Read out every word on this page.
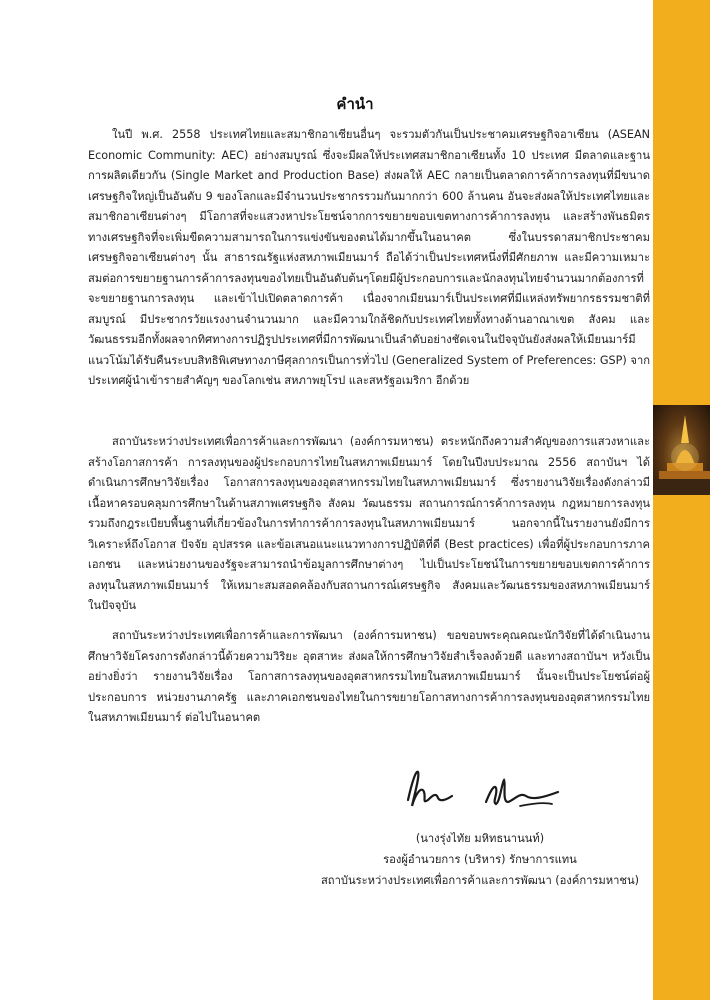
คำนำ

ในปี พ.ศ. 2558 ประเทศไทยและสมาชิกอาเซียนอื่นๆ จะรวมตัวกันเป็นประชาคมเศรษฐกิจอาเซียน (ASEAN Economic Community: AEC) อย่างสมบูรณ์ ซึ่งจะมีผลให้ประเทศสมาชิกอาเซียนทั้ง 10 ประเทศ มีตลาดและฐานการผลิตเดียวกัน (Single Market and Production Base) ส่งผลให้ AEC กลายเป็นตลาดการค้าการลงทุนที่มีขนาดเศรษฐกิจใหญ่เป็นอันดับ 9 ของโลกและมีจำนวนประชากรรวมกันมากกว่า 600 ล้านคน อันจะส่งผลให้ประเทศไทยและสมาชิกอาเซียนต่างๆ มีโอกาสที่จะแสวงหาประโยชน์จากการขยายขอบเขตทางการค้าการลงทุน และสร้างพันธมิตรทางเศรษฐกิจที่จะเพิ่มขีดความสามารถในการแข่งขันของตนได้มากขึ้นในอนาคต ซึ่งในบรรดาสมาชิกประชาคมเศรษฐกิจอาเซียนต่างๆ นั้น สาธารณรัฐแห่งสหภาพเมียนมาร์ ถือได้ว่าเป็นประเทศหนึ่งที่มีศักยภาพ และมีความเหมาะสมต่อการขยายฐานการค้าการลงทุนของไทยเป็นอันดับต้นๆโดยมีผู้ประกอบการและนักลงทุนไทยจำนวนมากต้องการที่จะขยายฐานการลงทุน และเข้าไปเปิดตลาดการค้า เนื่องจากเมียนมาร์เป็นประเทศที่มีแหล่งทรัพยากรธรรมชาติที่สมบูรณ์ มีประชากรวัยแรงงานจำนวนมาก และมีความใกล้ชิดกับประเทศไทยทั้งทางด้านอาณาเขต สังคม และวัฒนธรรมอีกทั้งผลจากทิศทางการปฏิรูปประเทศที่มีการพัฒนาเป็นลำดับอย่างชัดเจนในปัจจุบันยังส่งผลให้เมียนมาร์มีแนวโน้มได้รับคืนระบบสิทธิพิเศษทางภาษีศุลกากรเป็นการทั่วไป (Generalized System of Preferences: GSP) จากประเทศผู้นำเข้ารายสำคัญๆ ของโลกเช่น สหภาพยุโรป และสหรัฐอเมริกา อีกด้วย

สถาบันระหว่างประเทศเพื่อการค้าและการพัฒนา (องค์การมหาชน) ตระหนักถึงความสำคัญของการแสวงหาและสร้างโอกาสการค้า การลงทุนของผู้ประกอบการไทยในสหภาพเมียนมาร์ โดยในปีงบประมาณ 2556 สถาบันฯ ได้ดำเนินการศึกษาวิจัยเรื่อง โอกาสการลงทุนของอุตสาหกรรมไทยในสหภาพเมียนมาร์ ซึ่งรายงานวิจัยเรื่องดังกล่าวมีเนื้อหาครอบคลุมการศึกษาในด้านสภาพเศรษฐกิจ สังคม วัฒนธรรม สถานการณ์การค้าการลงทุน กฎหมายการลงทุน รวมถึงกฎระเบียบพื้นฐานที่เกี่ยวข้องในการทำการค้าการลงทุนในสหภาพเมียนมาร์ นอกจากนี้ในรายงานยังมีการวิเคราะห์ถึงโอกาส ปัจจัย อุปสรรค และข้อเสนอแนะแนวทางการปฏิบัติที่ดี (Best practices) เพื่อที่ผู้ประกอบการภาคเอกชน และหน่วยงานของรัฐจะสามารถนำข้อมูลการศึกษาต่างๆ ไปเป็นประโยชน์ในการขยายขอบเขตการค้าการลงทุนในสหภาพเมียนมาร์ ให้เหมาะสมสอดคล้องกับสถานการณ์เศรษฐกิจ สังคมและวัฒนธรรมของสหภาพเมียนมาร์ ในปัจจุบัน

สถาบันระหว่างประเทศเพื่อการค้าและการพัฒนา (องค์การมหาชน) ขอขอบพระคุณคณะนักวิจัยที่ได้ดำเนินงานศึกษาวิจัยโครงการดังกล่าวนี้ด้วยความวิริยะ อุตสาหะ ส่งผลให้การศึกษาวิจัยสำเร็จลงด้วยดี และทางสถาบันฯ หวังเป็นอย่างยิ่งว่า รายงานวิจัยเรื่อง โอกาสการลงทุนของอุตสาหกรรมไทยในสหภาพเมียนมาร์ นั้นจะเป็นประโยชน์ต่อผู้ประกอบการ หน่วยงานภาครัฐ และภาคเอกชนของไทยในการขยายโอกาสทางการค้าการลงทุนของอุตสาหกรรมไทยในสหภาพเมียนมาร์ ต่อไปในอนาคต

(นางรุ่งไทัย มหิทธนานนท์)
รองผู้อำนวยการ (บริหาร) รักษาการแทน
สถาบันระหว่างประเทศเพื่อการค้าและการพัฒนา (องค์การมหาชน)
